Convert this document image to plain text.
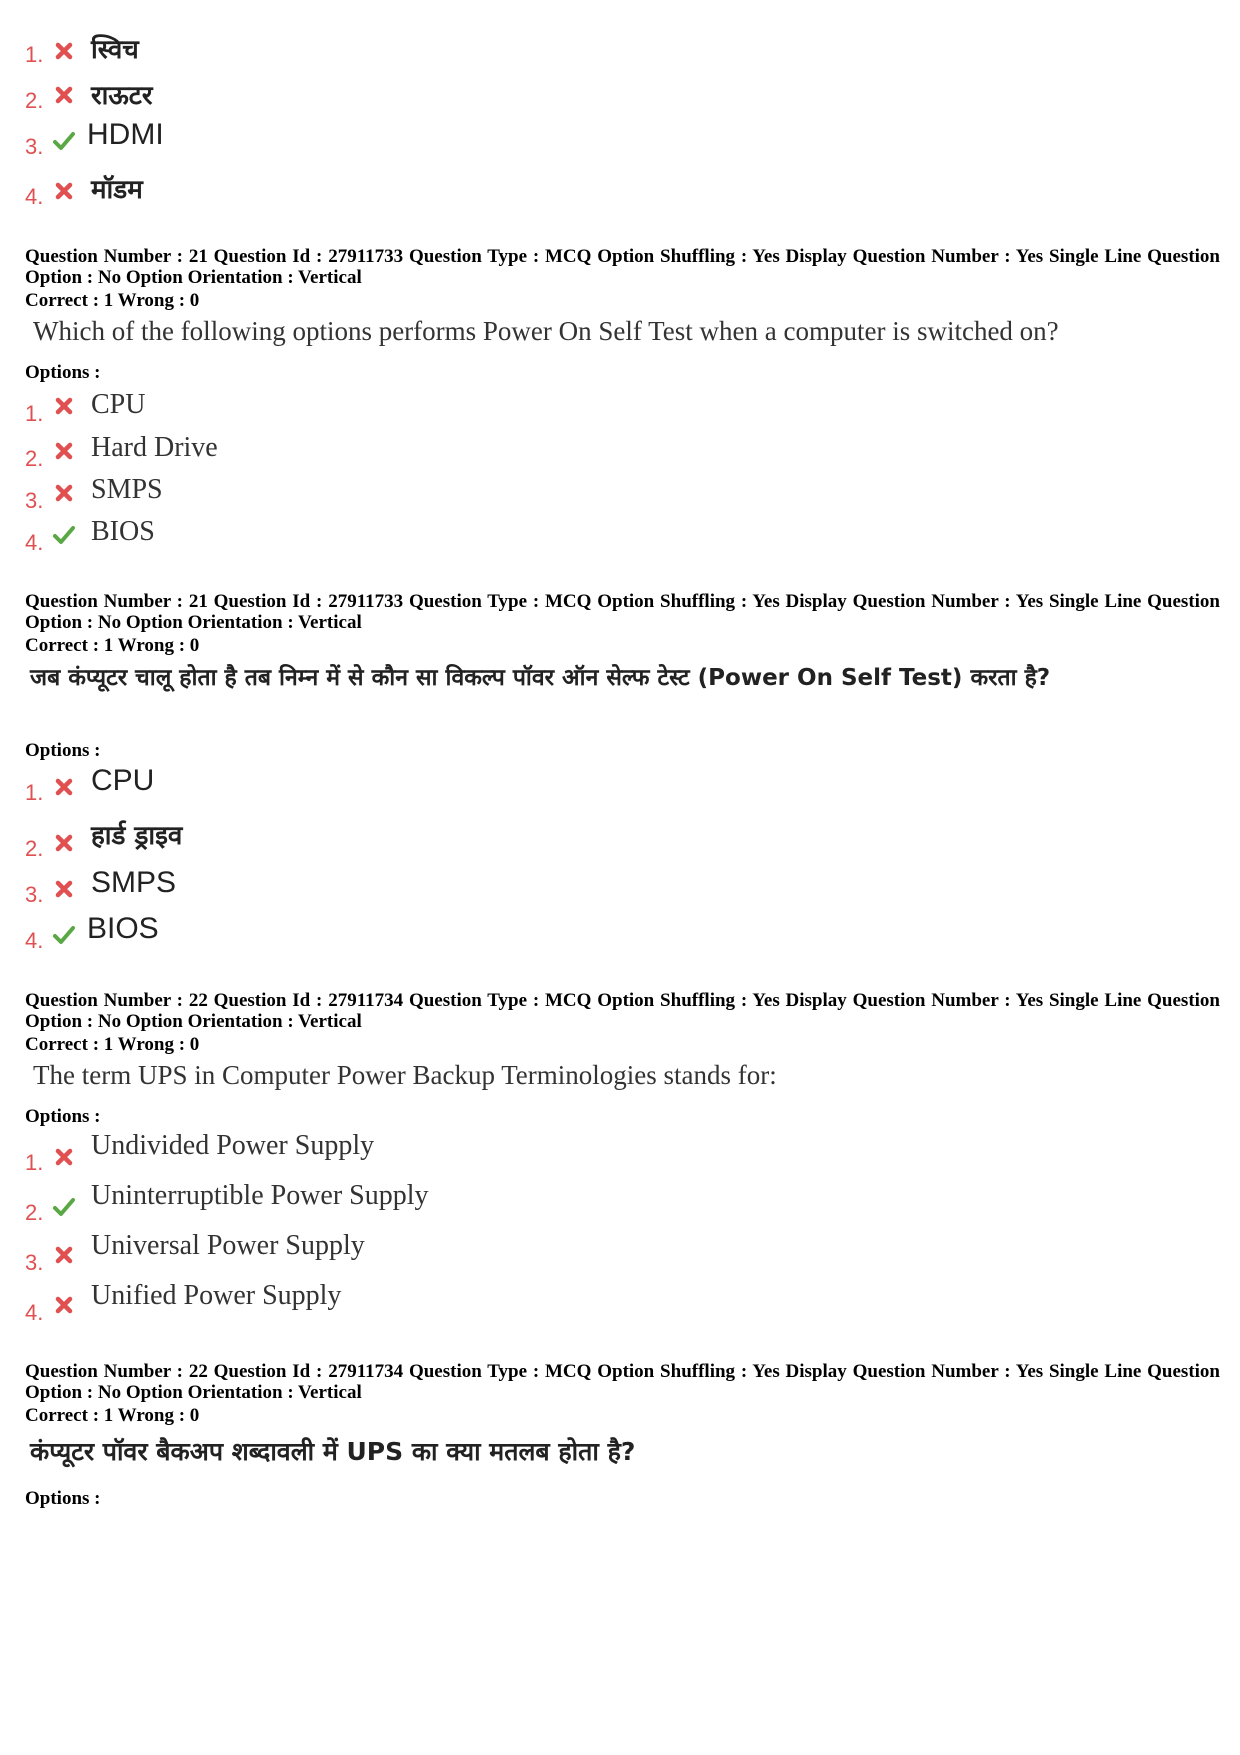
1. स्विच
2. राऊटर
3. HDMI
4. मॉडम
Question Number : 21 Question Id : 27911733 Question Type : MCQ Option Shuffling : Yes Display Question Number : Yes Single Line Question Option : No Option Orientation : Vertical
Correct : 1 Wrong : 0
Which of the following options performs Power On Self Test when a computer is switched on?
Options :
1. CPU
2. Hard Drive
3. SMPS
4. BIOS
Question Number : 21 Question Id : 27911733 Question Type : MCQ Option Shuffling : Yes Display Question Number : Yes Single Line Question Option : No Option Orientation : Vertical
Correct : 1 Wrong : 0
जब कंप्यूटर चालू होता है तब निम्न में से कौन सा विकल्प पॉवर ऑन सेल्फ टेस्ट (Power On Self Test) करता है?
Options :
1. CPU
2. हार्ड ड्राइव
3. SMPS
4. BIOS
Question Number : 22 Question Id : 27911734 Question Type : MCQ Option Shuffling : Yes Display Question Number : Yes Single Line Question Option : No Option Orientation : Vertical
Correct : 1 Wrong : 0
The term UPS in Computer Power Backup Terminologies stands for:
Options :
1.
Undivided Power Supply
2.
Uninterruptible Power Supply
3.
Universal Power Supply
4.
Unified Power Supply
Question Number : 22 Question Id : 27911734 Question Type : MCQ Option Shuffling : Yes Display Question Number : Yes Single Line Question Option : No Option Orientation : Vertical
Correct : 1 Wrong : 0
कंप्यूटर पॉवर बैकअप शब्दावली में UPS का क्या मतलब होता है?
Options :
